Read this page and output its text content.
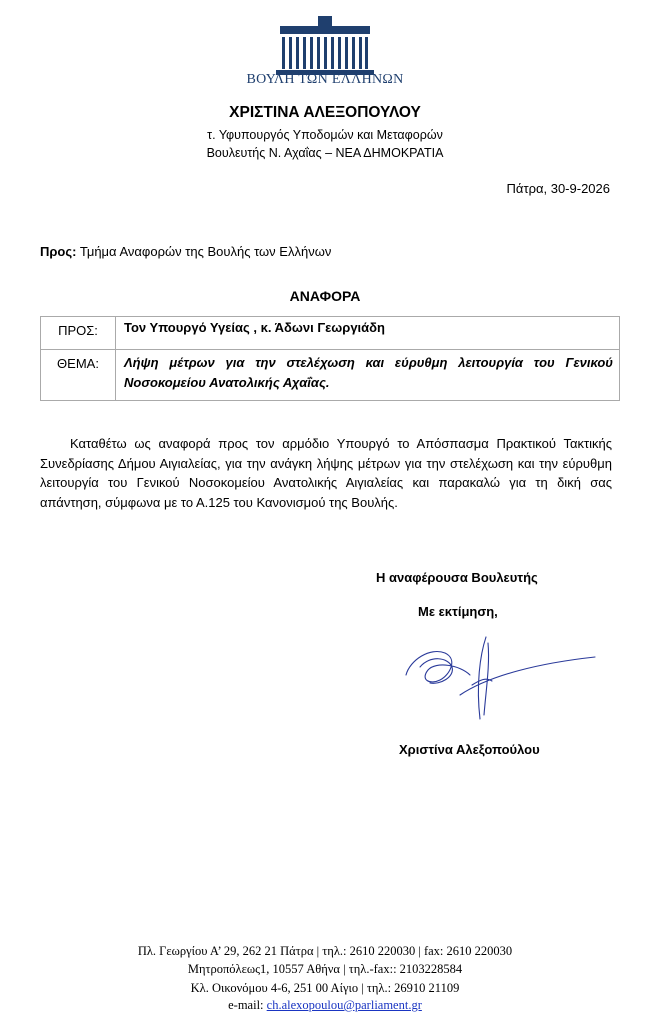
ΒΟΥΛΗ ΤΩΝ ΕΛΛΗΝΩΝ
ΧΡΙΣΤΙΝΑ ΑΛΕΞΟΠΟΥΛΟΥ
τ. Υφυπουργός Υποδομών και Μεταφορών
Βουλευτής Ν. Αχαΐας – ΝΕΑ ΔΗΜΟΚΡΑΤΙΑ
Πάτρα, 30-9-2026
Προς: Τμήμα Αναφορών της Βουλής των Ελλήνων
ΑΝΑΦΟΡΑ
ΠΡΟΣ:	Τον Υπουργό Υγείας , κ. Άδωνι Γεωργιάδη
ΘΕΜΑ:	Λήψη μέτρων για την στελέχωση και εύρυθμη λειτουργία του Γενικού Νοσοκομείου Ανατολικής Αχαΐας.
Καταθέτω ως αναφορά προς τον αρμόδιο Υπουργό το Απόσπασμα Πρακτικού Τακτικής Συνεδρίασης Δήμου Αιγιαλείας, για την ανάγκη λήψης μέτρων για την στελέχωση και την εύρυθμη λειτουργία του Γενικού Νοσοκομείου Ανατολικής Αιγιαλείας και παρακαλώ για τη δική σας απάντηση, σύμφωνα με το Α.125 του Κανονισμού της Βουλής.
Η αναφέρουσα Βουλευτής
Με εκτίμηση,
Χριστίνα Αλεξοπούλου
Πλ. Γεωργίου Α’ 29, 262 21 Πάτρα | τηλ.: 2610 220030 | fax: 2610 220030
Μητροπόλεως1, 10557 Αθήνα | τηλ.-fax:: 2103228584
Κλ. Οικονόμου 4-6, 251 00 Αίγιο | τηλ.: 26910 21109
e-mail: ch.alexopoulou@parliament.gr
